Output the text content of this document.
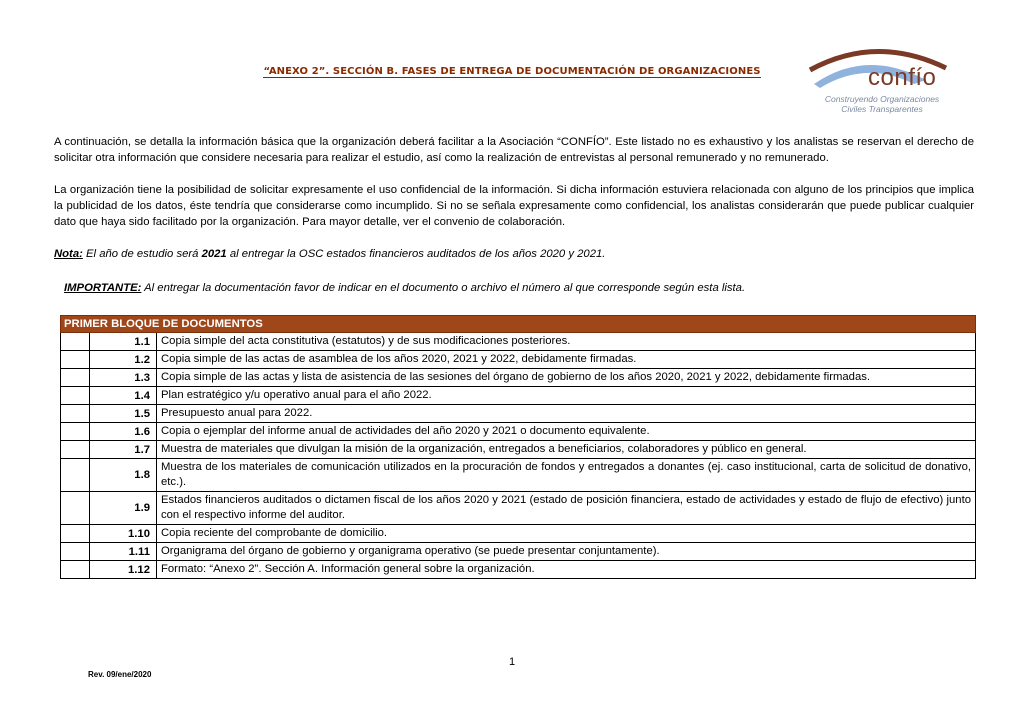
“ANEXO 2”. SECCIÓN B. FASES DE ENTREGA DE DOCUMENTACIÓN DE ORGANIZACIONES	confío
Construyendo Organizaciones
Civiles Transparentes
A continuación, se detalla la información básica que la organización deberá facilitar a la Asociación “CONFÍO”. Este listado no es exhaustivo y los analistas se reservan el derecho de solicitar otra información que considere necesaria para realizar el estudio, así como la realización de entrevistas al personal remunerado y no remunerado.
La organización tiene la posibilidad de solicitar expresamente el uso confidencial de la información. Si dicha información estuviera relacionada con alguno de los principios que implica la publicidad de los datos, éste tendría que considerarse como incumplido. Si no se señala expresamente como confidencial, los analistas considerarán que puede publicar cualquier dato que haya sido facilitado por la organización. Para mayor detalle, ver el convenio de colaboración.
Nota: El año de estudio será 2021 al entregar la OSC estados financieros auditados de los años 2020 y 2021.
IMPORTANTE: Al entregar la documentación favor de indicar en el documento o archivo el número al que corresponde según esta lista.
PRIMER BLOQUE DE DOCUMENTOS		
	1.1	Copia simple del acta constitutiva (estatutos) y de sus modificaciones posteriores.
	1.2	Copia simple de las actas de asamblea de los años 2020, 2021 y 2022, debidamente firmadas.
	1.3	Copia simple de las actas y lista de asistencia de las sesiones del órgano de gobierno de los años 2020, 2021 y 2022, debidamente firmadas.
	1.4	Plan estratégico y/u operativo anual para el año 2022.
	1.5	Presupuesto anual para 2022.
	1.6	Copia o ejemplar del informe anual de actividades del año 2020 y 2021 o documento equivalente.
	1.7	Muestra de materiales que divulgan la misión de la organización, entregados a beneficiarios, colaboradores y público en general.
	1.8	Muestra de los materiales de comunicación utilizados en la procuración de fondos y entregados a donantes (ej. caso institucional, carta de solicitud de donativo, etc.).
	1.9	Estados financieros auditados o dictamen fiscal de los años 2020 y 2021 (estado de posición financiera, estado de actividades y estado de flujo de efectivo) junto con el respectivo informe del auditor.
	1.10	Copia reciente del comprobante de domicilio.
	1.11	Organigrama del órgano de gobierno y organigrama operativo (se puede presentar conjuntamente).
	1.12	Formato: “Anexo 2”. Sección A. Información general sobre la organización.
1
Rev. 09/ene/2020
